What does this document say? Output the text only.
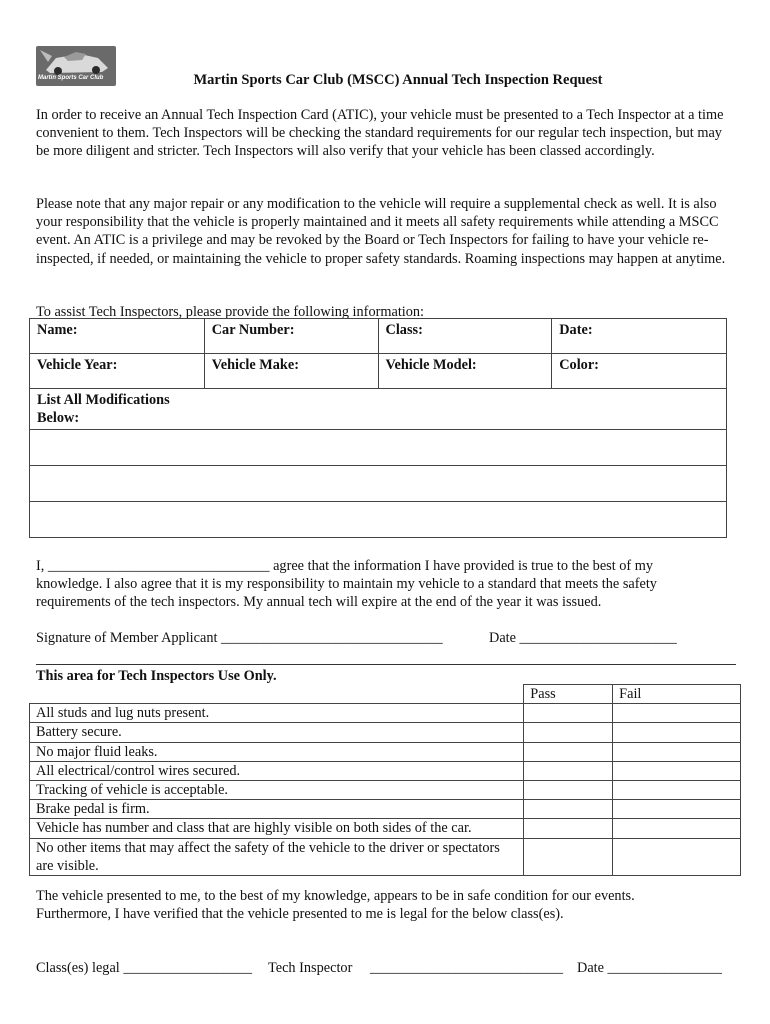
Martin Sports Car Club	Martin Sports Car Club (MSCC) Annual Tech Inspection Request

In order to receive an Annual Tech Inspection Card (ATIC), your vehicle must be presented to a Tech Inspector at a time convenient to them. Tech Inspectors will be checking the standard requirements for our regular tech inspection, but may be more diligent and stricter. Tech Inspectors will also verify that your vehicle has been classed accordingly.

Please note that any major repair or any modification to the vehicle will require a supplemental check as well. It is also your responsibility that the vehicle is properly maintained and it meets all safety requirements while attending a MSCC event. An ATIC is a privilege and may be revoked by the Board or Tech Inspectors for failing to have your vehicle re-inspected, if needed, or maintaining the vehicle to proper safety standards. Roaming inspections may happen at anytime.

To assist Tech Inspectors, please provide the following information:

Name:	Car Number:	Class:	Date:
Vehicle Year:	Vehicle Make:	Vehicle Model:	Color:

List All Modifications Below:			

I, _______________________________ agree that the information I have provided is true to the best of my knowledge. I also agree that it is my responsibility to maintain my vehicle to a standard that meets the safety requirements of the tech inspectors. My annual tech will expire at the end of the year it was issued.

Signature of Member Applicant _______________________________	Date ______________________
This area for Tech Inspectors Use Only.
	Pass	Fail
All studs and lug nuts present.		
Battery secure.		
No major fluid leaks.		
All electrical/control wires secured.		
Tracking of vehicle is acceptable.		
Brake pedal is firm.		
Vehicle has number and class that are highly visible on both sides of the car.		
No other items that may affect the safety of the vehicle to the driver or spectators are visible.		

The vehicle presented to me, to the best of my knowledge, appears to be in safe condition for our events. Furthermore, I have verified that the vehicle presented to me is legal for the below class(es).

Class(es) legal __________________ Tech Inspector ___________________________ Date ________________
